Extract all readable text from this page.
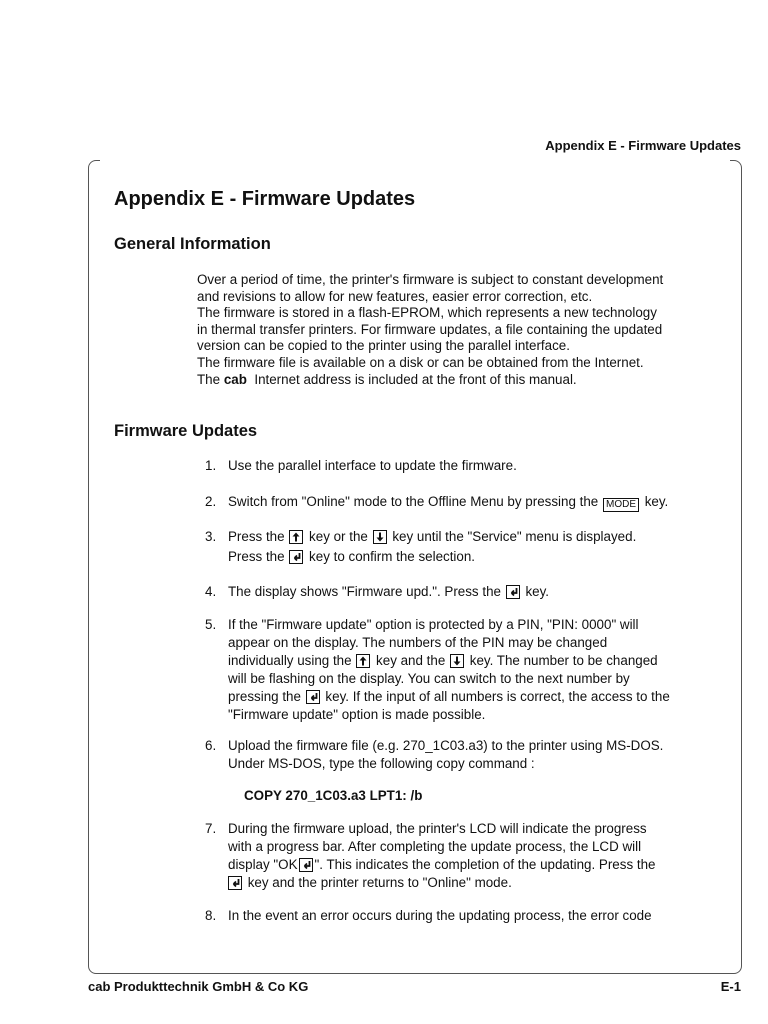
Appendix E - Firmware Updates
Appendix E - Firmware Updates
General Information

Over a period of time, the printer's firmware is subject to constant development

and revisions to allow for new features, easier error correction, etc.

The firmware is stored in a flash-EPROM, which represents a new technology

in thermal transfer printers. For firmware updates, a file containing the updated

version can be copied to the printer using the parallel interface.

The firmware file is available on a disk or can be obtained from the Internet.

The cab Internet address is included at the front of this manual.

Firmware Updates
1. Use the parallel interface to update the firmware.
2. Switch from "Online" mode to the Offline Menu by pressing the MODE key.
3. Press the key or the key until the "Service" menu is displayed.
Press the key to confirm the selection.
4. The display shows "Firmware upd.". Press the key.
5. If the "Firmware update" option is protected by a PIN, "PIN: 0000" will
appear on the display. The numbers of the PIN may be changed
individually using the key and the key. The number to be changed
will be flashing on the display. You can switch to the next number by
pressing the key. If the input of all numbers is correct, the access to the
"Firmware update" option is made possible.
6. Upload the firmware file (e.g. 270_1C03.a3) to the printer using MS-DOS.
Under MS-DOS, type the following copy command :
COPY 270_1C03.a3 LPT1: /b
7. During the firmware upload, the printer's LCD will indicate the progress
with a progress bar. After completing the update process, the LCD will
display "OK ". This indicates the completion of the updating. Press the
key and the printer returns to "Online" mode.
8. In the event an error occurs during the updating process, the error code
cab Produkttechnik GmbH & Co KG	E-1
